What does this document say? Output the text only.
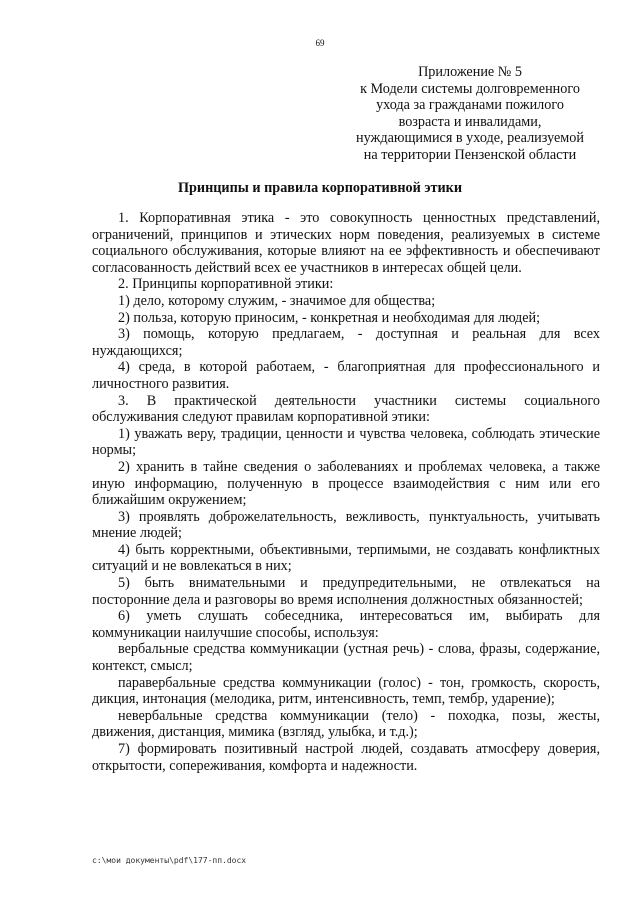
69
Приложение № 5
к Модели системы долговременного
ухода за гражданами пожилого
возраста и инвалидами,
нуждающимися в уходе, реализуемой
на территории Пензенской области
Принципы и правила корпоративной этики

1. Корпоративная этика - это совокупность ценностных представлений, ограничений, принципов и этических норм поведения, реализуемых в системе социального обслуживания, которые влияют на ее эффективность и обеспечивают согласованность действий всех ее участников в интересах общей цели.

2. Принципы корпоративной этики:

1) дело, которому служим, - значимое для общества;

2) польза, которую приносим, - конкретная и необходимая для людей;

3) помощь, которую предлагаем, - доступная и реальная для всех нуждающихся;

4) среда, в которой работаем, - благоприятная для профессионального и личностного развития.

3. В практической деятельности участники системы социального обслуживания следуют правилам корпоративной этики:

1) уважать веру, традиции, ценности и чувства человека, соблюдать этические нормы;

2) хранить в тайне сведения о заболеваниях и проблемах человека, а также иную информацию, полученную в процессе взаимодействия с ним или его ближайшим окружением;

3) проявлять доброжелательность, вежливость, пунктуальность, учитывать мнение людей;

4) быть корректными, объективными, терпимыми, не создавать конфликтных ситуаций и не вовлекаться в них;

5) быть внимательными и предупредительными, не отвлекаться на посторонние дела и разговоры во время исполнения должностных обязанностей;

6) уметь слушать собеседника, интересоваться им, выбирать для коммуникации наилучшие способы, используя:

вербальные средства коммуникации (устная речь) - слова, фразы, содержание, контекст, смысл;

паравербальные средства коммуникации (голос) - тон, громкость, скорость, дикция, интонация (мелодика, ритм, интенсивность, темп, тембр, ударение);

невербальные средства коммуникации (тело) - походка, позы, жесты, движения, дистанция, мимика (взгляд, улыбка, и т.д.);

7) формировать позитивный настрой людей, создавать атмосферу доверия, открытости, сопереживания, комфорта и надежности.

c:\мои документы\pdf\177-пп.docx
